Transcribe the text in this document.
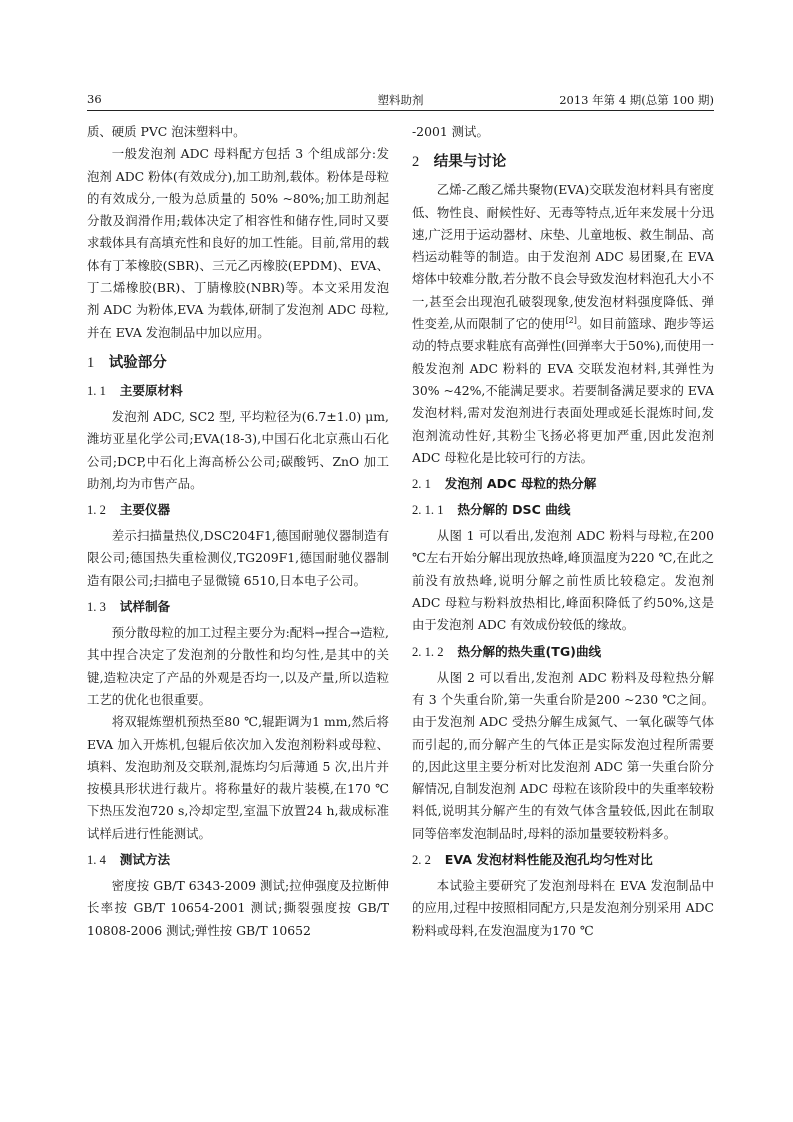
36	塑料助剂	2013 年第 4 期(总第 100 期)

质、硬质 PVC 泡沫塑料中。

一般发泡剂 ADC 母料配方包括 3 个组成部分:发泡剂 ADC 粉体(有效成分),加工助剂,载体。粉体是母粒的有效成分,一般为总质量的 50% ~80%;加工助剂起分散及润滑作用;载体决定了相容性和储存性,同时又要求载体具有高填充性和良好的加工性能。目前,常用的载体有丁苯橡胶(SBR)、三元乙丙橡胶(EPDM)、EVA、丁二烯橡胶(BR)、丁腈橡胶(NBR)等。本文采用发泡剂 ADC 为粉体,EVA 为载体,研制了发泡剂 ADC 母粒,并在 EVA 发泡制品中加以应用。

1 试验部分
1. 1 主要原材料

发泡剂 ADC, SC2 型, 平均粒径为(6.7±1.0) μm,潍坊亚星化学公司;EVA(18-3),中国石化北京燕山石化公司;DCP,中石化上海高桥公公司;碳酸钙、ZnO 加工助剂,均为市售产品。

1. 2 主要仪器

差示扫描量热仪,DSC204F1,德国耐驰仪器制造有限公司;德国热失重检测仪,TG209F1,德国耐驰仪器制造有限公司;扫描电子显微镜 6510,日本电子公司。

1. 3 试样制备

预分散母粒的加工过程主要分为:配料→捏合→造粒,其中捏合决定了发泡剂的分散性和均匀性,是其中的关键,造粒决定了产品的外观是否均一,以及产量,所以造粒工艺的优化也很重要。

将双辊炼塑机预热至80 ℃,辊距调为1 mm,然后将 EVA 加入开炼机,包辊后依次加入发泡剂粉料或母粒、填料、发泡助剂及交联剂,混炼均匀后薄通 5 次,出片并按模具形状进行裁片。将称量好的裁片装模,在170 ℃下热压发泡720 s,冷却定型,室温下放置24 h,裁成标准试样后进行性能测试。

1. 4 测试方法

密度按 GB/T 6343-2009 测试;拉伸强度及拉断伸长率按 GB/T 10654-2001 测试;撕裂强度按 GB/T 10808-2006 测试;弹性按 GB/T 10652

-2001 测试。

2 结果与讨论

乙烯-乙酸乙烯共聚物(EVA)交联发泡材料具有密度低、物性良、耐候性好、无毒等特点,近年来发展十分迅速,广泛用于运动器材、床垫、儿童地板、救生制品、高档运动鞋等的制造。由于发泡剂 ADC 易团聚,在 EVA 熔体中较难分散,若分散不良会导致发泡材料泡孔大小不一,甚至会出现泡孔破裂现象,使发泡材料强度降低、弹性变差,从而限制了它的使用[2]。如目前篮球、跑步等运动的特点要求鞋底有高弹性(回弹率大于50%),而使用一般发泡剂 ADC 粉料的 EVA 交联发泡材料,其弹性为30% ~42%,不能满足要求。若要制备满足要求的 EVA 发泡材料,需对发泡剂进行表面处理或延长混炼时间,发泡剂流动性好,其粉尘飞扬必将更加严重,因此发泡剂 ADC 母粒化是比较可行的方法。

2. 1 发泡剂 ADC 母粒的热分解
2. 1. 1 热分解的 DSC 曲线

从图 1 可以看出,发泡剂 ADC 粉料与母粒,在200 ℃左右开始分解出现放热峰,峰顶温度为220 ℃,在此之前没有放热峰,说明分解之前性质比较稳定。发泡剂 ADC 母粒与粉料放热相比,峰面积降低了约50%,这是由于发泡剂 ADC 有效成份较低的缘故。

2. 1. 2 热分解的热失重(TG)曲线

从图 2 可以看出,发泡剂 ADC 粉料及母粒热分解有 3 个失重台阶,第一失重台阶是200 ~230 ℃之间。由于发泡剂 ADC 受热分解生成氮气、一氧化碳等气体而引起的,而分解产生的气体正是实际发泡过程所需要的,因此这里主要分析对比发泡剂 ADC 第一失重台阶分解情况,自制发泡剂 ADC 母粒在该阶段中的失重率较粉料低,说明其分解产生的有效气体含量较低,因此在制取同等倍率发泡制品时,母料的添加量要较粉料多。

2. 2 EVA 发泡材料性能及泡孔均匀性对比

本试验主要研究了发泡剂母料在 EVA 发泡制品中的应用,过程中按照相同配方,只是发泡剂分别采用 ADC 粉料或母料,在发泡温度为170 ℃
